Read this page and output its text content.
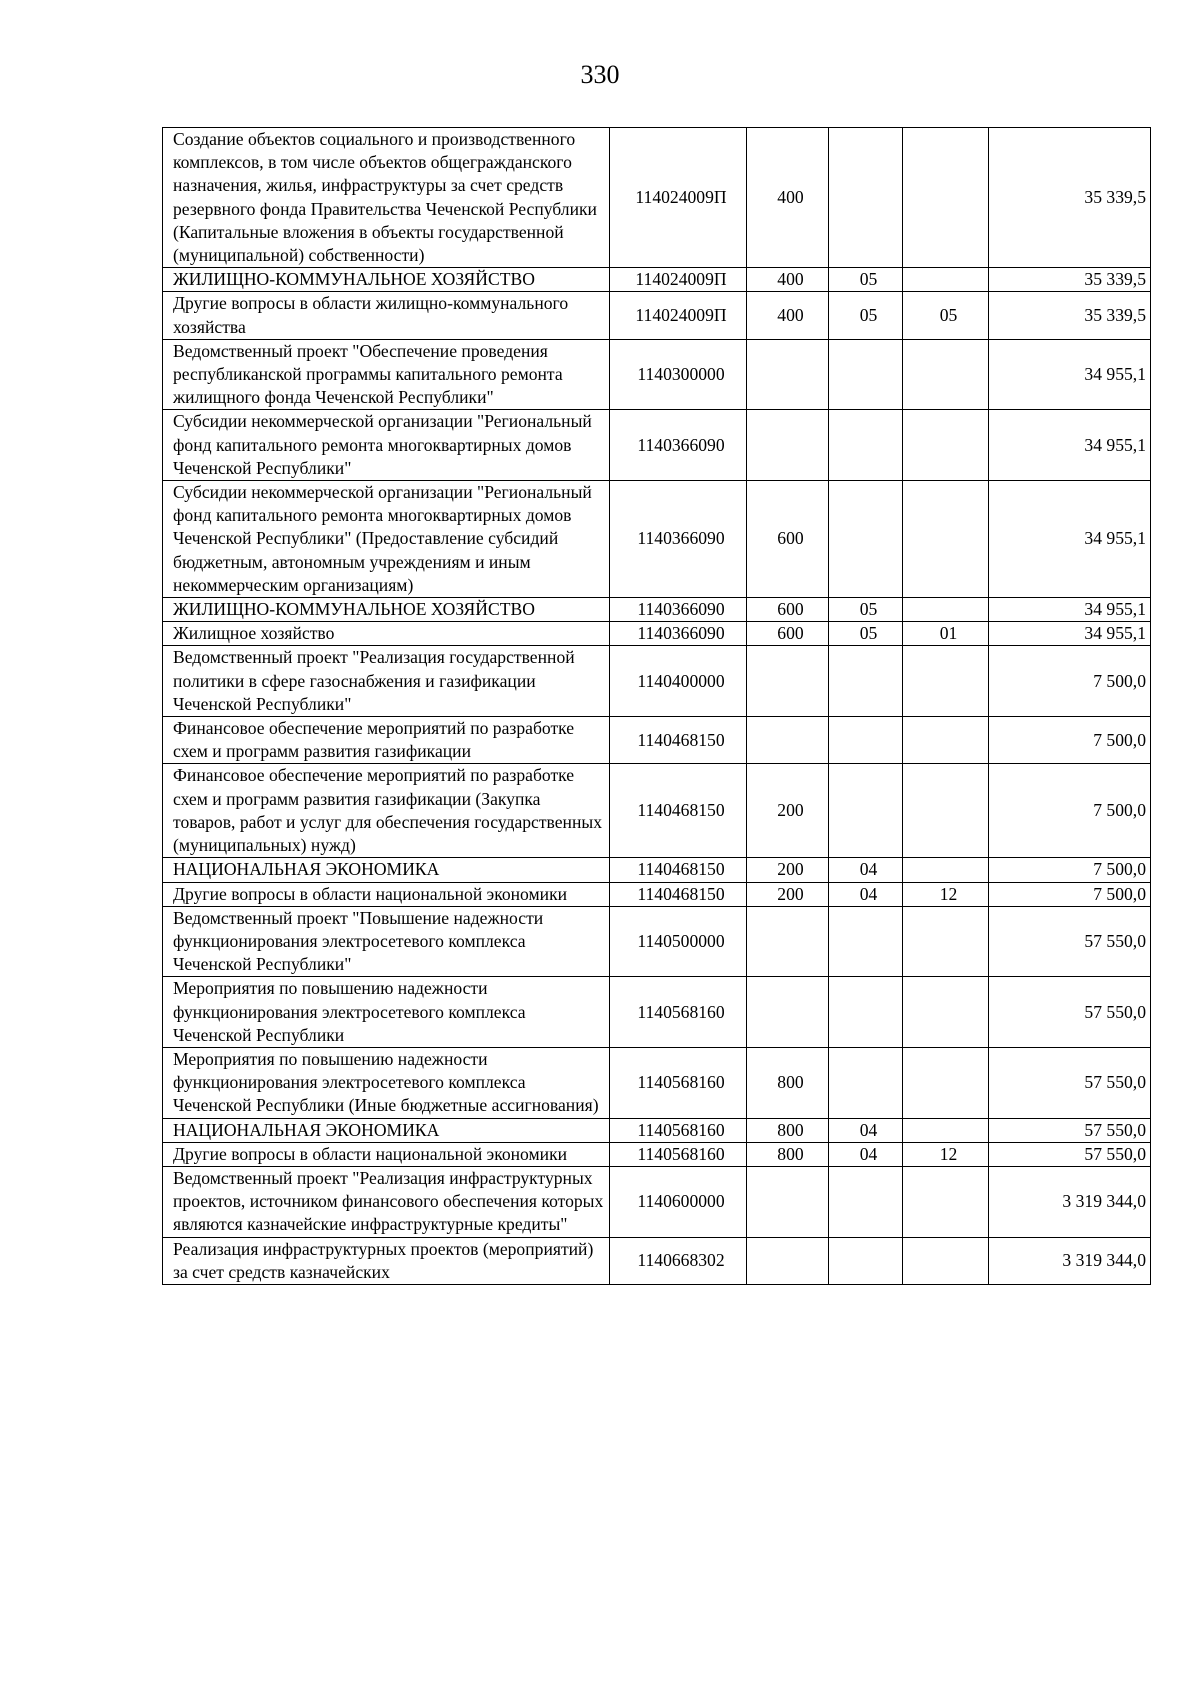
330
Создание объектов социального и производственного комплексов, в том числе объектов общегражданского назначения, жилья, инфраструктуры за счет средств резервного фонда Правительства Чеченской Республики (Капитальные вложения в объекты государственной (муниципальной) собственности)	114024009П	400			35 339,5
ЖИЛИЩНО-КОММУНАЛЬНОЕ ХОЗЯЙСТВО	114024009П	400	05		35 339,5
Другие вопросы в области жилищно-коммунального хозяйства	114024009П	400	05	05	35 339,5
Ведомственный проект "Обеспечение проведения республиканской программы капитального ремонта жилищного фонда Чеченской Республики"	1140300000				34 955,1
Субсидии некоммерческой организации "Региональный фонд капитального ремонта многоквартирных домов Чеченской Республики"	1140366090				34 955,1
Субсидии некоммерческой организации "Региональный фонд капитального ремонта многоквартирных домов Чеченской Республики" (Предоставление субсидий бюджетным, автономным учреждениям и иным некоммерческим организациям)	1140366090	600			34 955,1
ЖИЛИЩНО-КОММУНАЛЬНОЕ ХОЗЯЙСТВО	1140366090	600	05		34 955,1
Жилищное хозяйство	1140366090	600	05	01	34 955,1
Ведомственный проект "Реализация государственной политики в сфере газоснабжения и газификации Чеченской Республики"	1140400000				7 500,0
Финансовое обеспечение мероприятий по разработке схем и программ развития газификации	1140468150				7 500,0
Финансовое обеспечение мероприятий по разработке схем и программ развития газификации (Закупка товаров, работ и услуг для обеспечения государственных (муниципальных) нужд)	1140468150	200			7 500,0
НАЦИОНАЛЬНАЯ ЭКОНОМИКА	1140468150	200	04		7 500,0
Другие вопросы в области национальной экономики	1140468150	200	04	12	7 500,0
Ведомственный проект "Повышение надежности функционирования электросетевого комплекса Чеченской Республики"	1140500000				57 550,0
Мероприятия по повышению надежности функционирования электросетевого комплекса Чеченской Республики	1140568160				57 550,0
Мероприятия по повышению надежности функционирования электросетевого комплекса Чеченской Республики (Иные бюджетные ассигнования)	1140568160	800			57 550,0
НАЦИОНАЛЬНАЯ ЭКОНОМИКА	1140568160	800	04		57 550,0
Другие вопросы в области национальной экономики	1140568160	800	04	12	57 550,0
Ведомственный проект "Реализация инфраструктурных проектов, источником финансового обеспечения которых являются казначейские инфраструктурные кредиты"	1140600000				3 319 344,0
Реализация инфраструктурных проектов (мероприятий) за счет средств казначейских	1140668302				3 319 344,0
